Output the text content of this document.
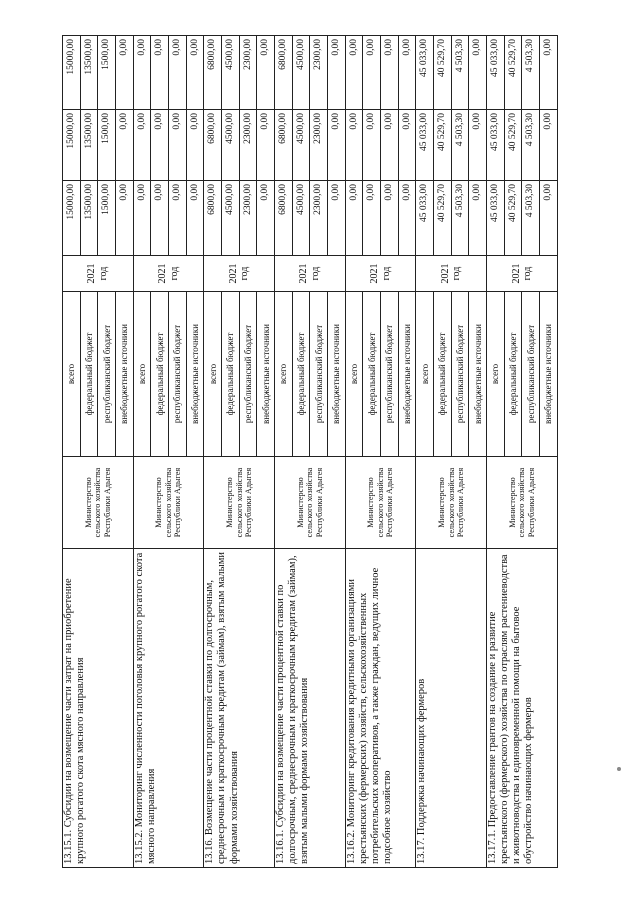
13.15.1. Субсидии на возмещение части затрат на приобретение крупного рогатого скота мясного направления	Министерство сельского хозяйства Республики Адыгея	всего	2021 год	15000,00	15000,00	15000,00
		федеральный бюджет		13500,00	13500,00	13500,00
		республиканский бюджет		1500,00	1500,00	1500,00
		внебюджетные источники		0,00	0,00	0,00
13.15.2. Мониторинг численности поголовья крупного рогатого скота мясного направления	Министерство сельского хозяйства Республики Адыгея	всего	2021 год	0,00	0,00	0,00
		федеральный бюджет		0,00	0,00	0,00
		республиканский бюджет		0,00	0,00	0,00
		внебюджетные источники		0,00	0,00	0,00
13.16. Возмещение части процентной ставки по долгосрочным, среднесрочным и краткосрочным кредитам (займам), взятым малыми формами хозяйствования	Министерство сельского хозяйства Республики Адыгея	всего	2021 год	6800,00	6800,00	6800,00
		федеральный бюджет		4500,00	4500,00	4500,00
		республиканский бюджет		2300,00	2300,00	2300,00
		внебюджетные источники		0,00	0,00	0,00
13.16.1. Субсидии на возмещение части процентной ставки по долгосрочным, среднесрочным и краткосрочным кредитам (займам), взятым малыми формами хозяйствования	Министерство сельского хозяйства Республики Адыгея	всего	2021 год	6800,00	6800,00	6800,00
		федеральный бюджет		4500,00	4500,00	4500,00
		республиканский бюджет		2300,00	2300,00	2300,00
		внебюджетные источники		0,00	0,00	0,00
13.16.2. Мониторинг кредитования кредитными организациями крестьянских (фермерских) хозяйств, сельскохозяйственных потребительских кооперативов, а также граждан, ведущих личное подсобное хозяйство	Министерство сельского хозяйства Республики Адыгея	всего	2021 год	0,00	0,00	0,00
		федеральный бюджет		0,00	0,00	0,00
		республиканский бюджет		0,00	0,00	0,00
		внебюджетные источники		0,00	0,00	0,00
13.17. Поддержка начинающих фермеров	Министерство сельского хозяйства Республики Адыгея	всего	2021 год	45 033,00	45 033,00	45 033,00
		федеральный бюджет		40 529,70	40 529,70	40 529,70
		республиканский бюджет		4 503,30	4 503,30	4 503,30
		внебюджетные источники		0,00	0,00	0,00
13.17.1. Предоставление грантов на создание и развитие крестьянского (фермерского) хозяйства по отраслям растениеводства и животноводства и единовременной помощи на бытовое обустройство начинающих фермеров	Министерство сельского хозяйства Республики Адыгея	всего	2021 год	45 033,00	45 033,00	45 033,00
		федеральный бюджет		40 529,70	40 529,70	40 529,70
		республиканский бюджет		4 503,30	4 503,30	4 503,30
		внебюджетные источники		0,00	0,00	0,00
